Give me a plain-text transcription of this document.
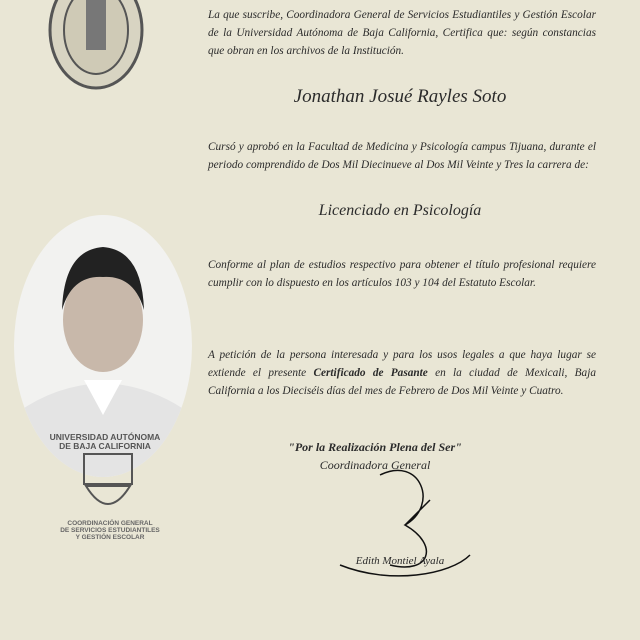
La que suscribe, Coordinadora General de Servicios Estudiantiles y Gestión Escolar de la Universidad Autónoma de Baja California, Certifica que: según constancias que obran en los archivos de la Institución.
Jonathan Josué Rayles Soto
Cursó y aprobó en la Facultad de Medicina y Psicología campus Tijuana, durante el periodo comprendido de Dos Mil Diecinueve al Dos Mil Veinte y Tres la carrera de:
Licenciado en Psicología
Conforme al plan de estudios respectivo para obtener el título profesional requiere cumplir con lo dispuesto en los artículos 103 y 104 del Estatuto Escolar.
A petición de la persona interesada y para los usos legales a que haya lugar se extiende el presente Certificado de Pasante en la ciudad de Mexicali, Baja California a los Dieciséis días del mes de Febrero de Dos Mil Veinte y Cuatro.
"Por la Realización Plena del Ser"
Coordinadora General
Edith Montiel Ayala
UNIVERSIDAD AUTÓNOMA
DE BAJA CALIFORNIA
COORDINACIÓN GENERAL
DE SERVICIOS ESTUDIANTILES
Y GESTIÓN ESCOLAR
